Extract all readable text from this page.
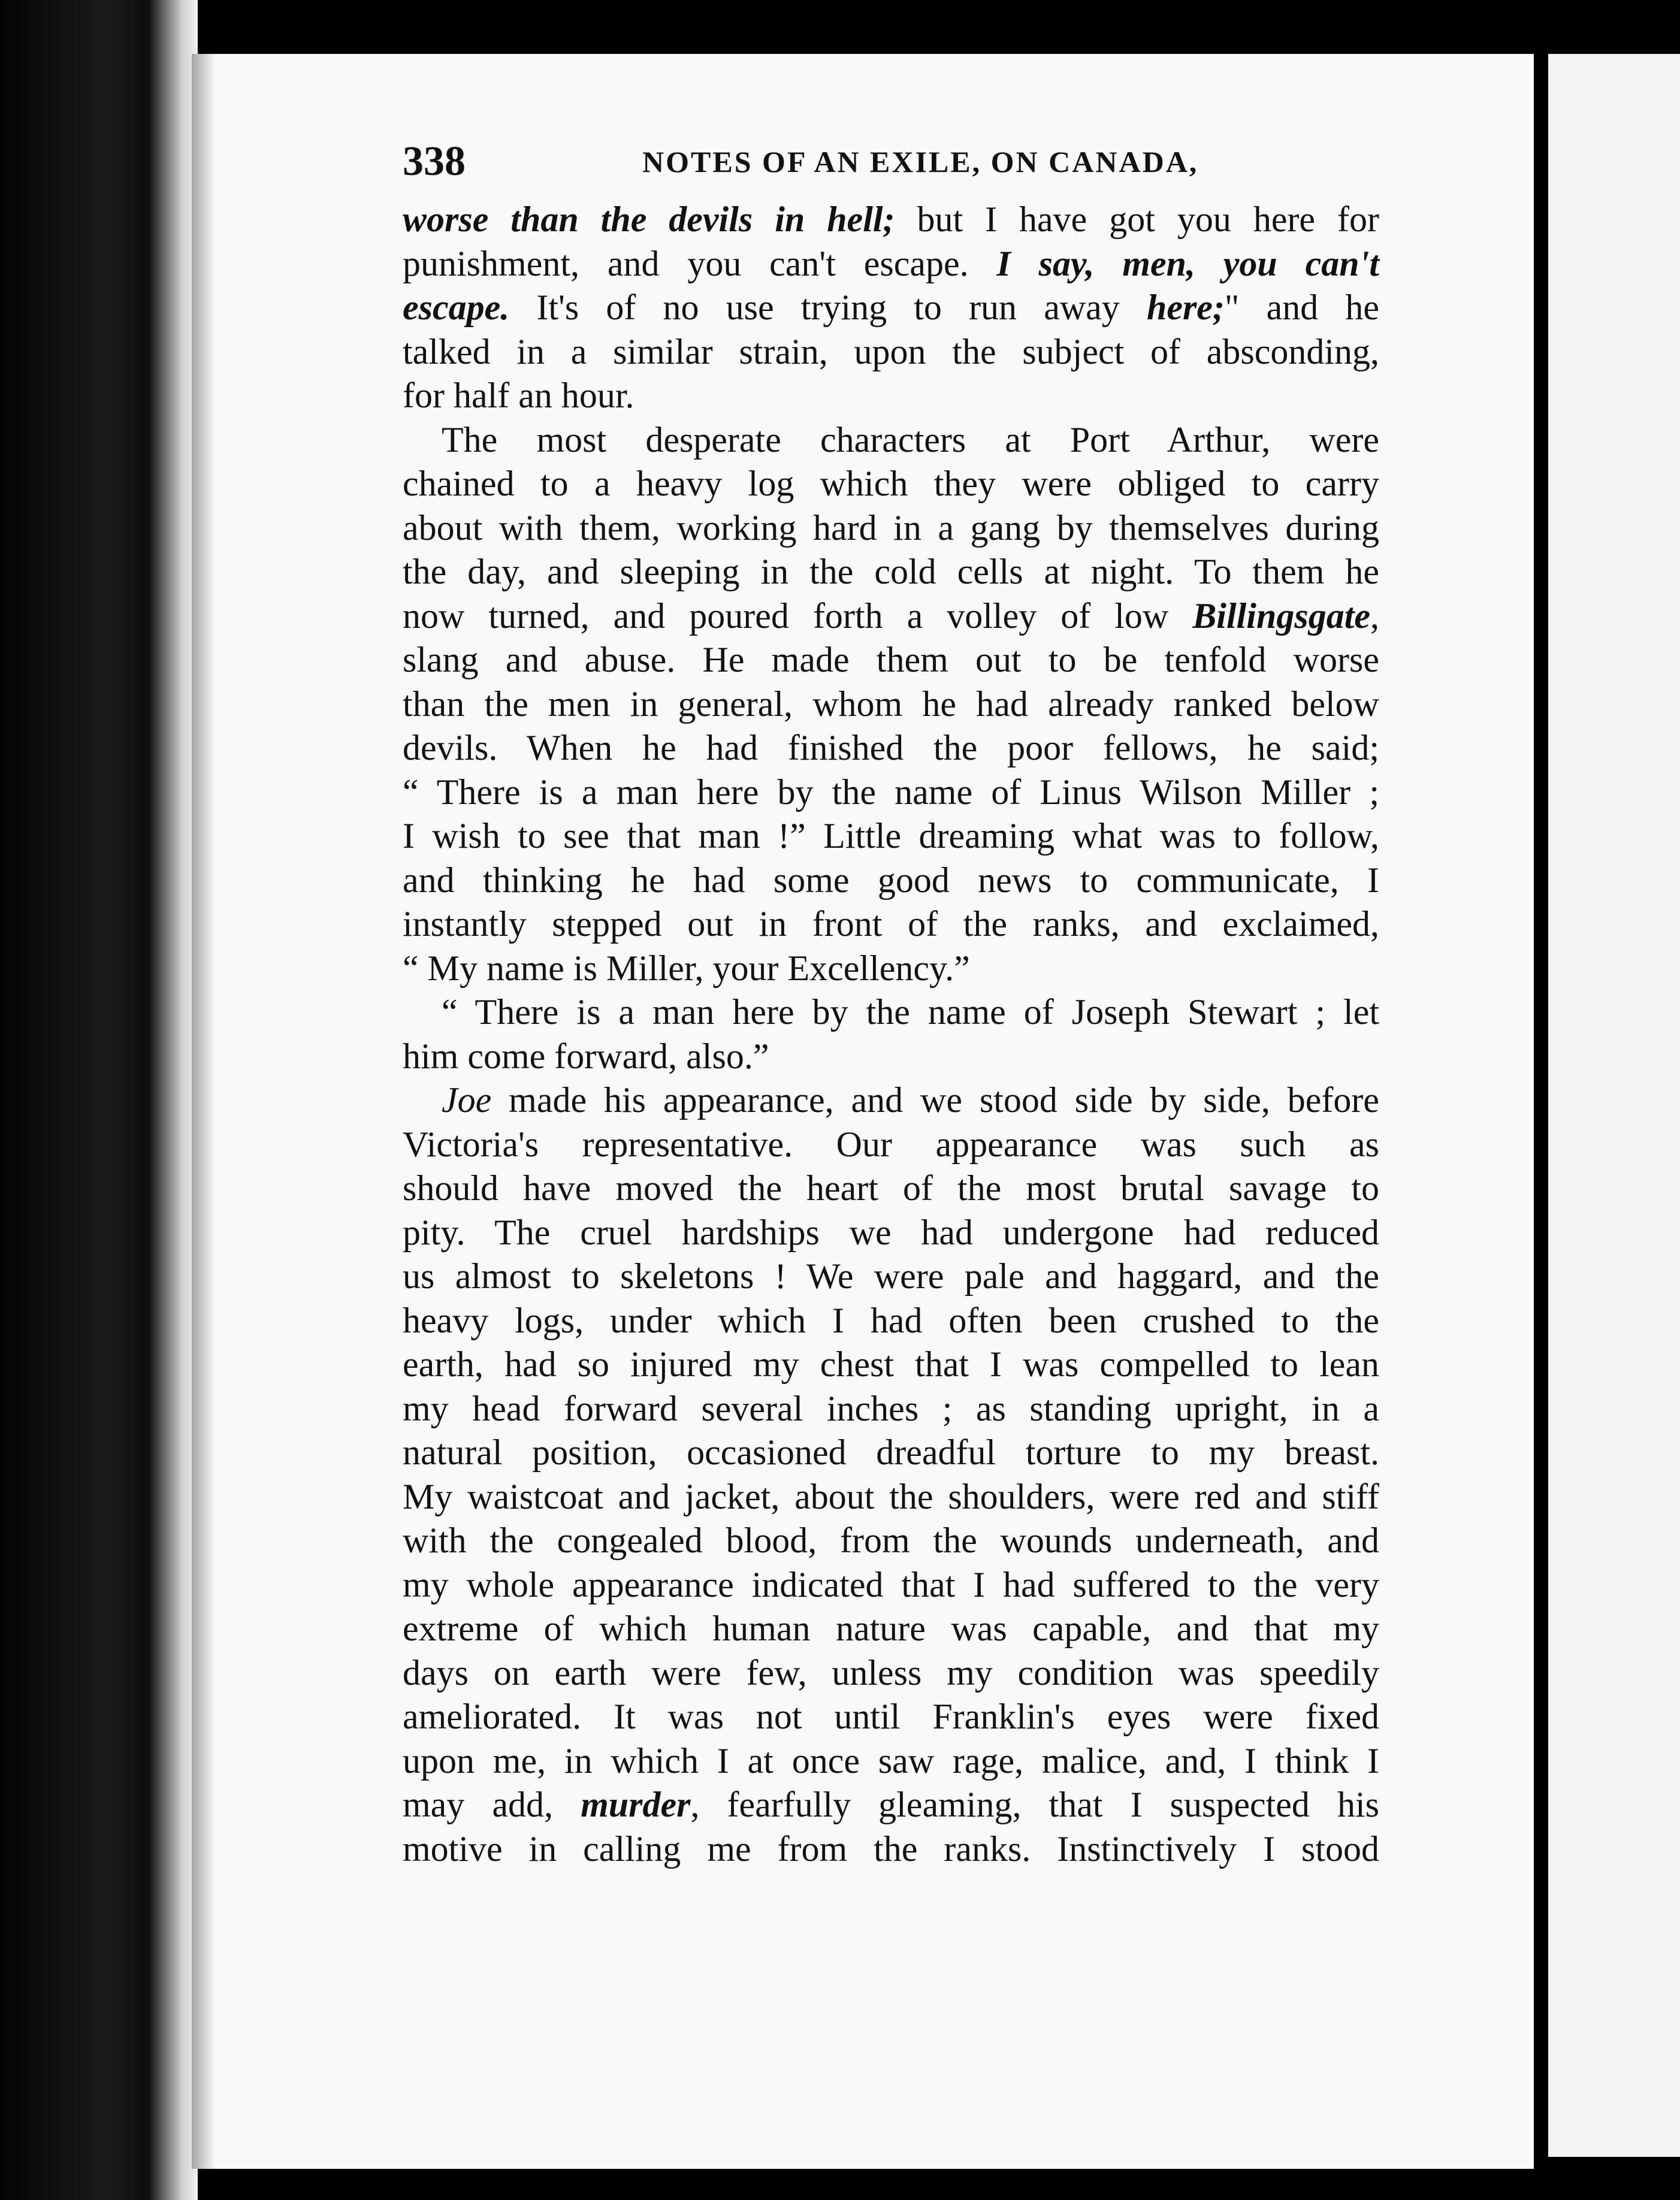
338	NOTES OF AN EXILE, ON CANADA,

worse than the devils in hell; but I have got you here for
punishment, and you can't escape. I say, men, you can't
escape. It's of no use trying to run away here;" and he
talked in a similar strain, upon the subject of absconding,
for half an hour.

The most desperate characters at Port Arthur, were
chained to a heavy log which they were obliged to carry
about with them, working hard in a gang by themselves during
the day, and sleeping in the cold cells at night. To them he
now turned, and poured forth a volley of low Billingsgate,
slang and abuse. He made them out to be tenfold worse
than the men in general, whom he had already ranked below
devils. When he had finished the poor fellows, he said;
“ There is a man here by the name of Linus Wilson Miller ;
I wish to see that man !” Little dreaming what was to follow,
and thinking he had some good news to communicate, I
instantly stepped out in front of the ranks, and exclaimed,
“ My name is Miller, your Excellency.”

“ There is a man here by the name of Joseph Stewart ; let
him come forward, also.”

Joe made his appearance, and we stood side by side, before
Victoria's representative. Our appearance was such as
should have moved the heart of the most brutal savage to
pity. The cruel hardships we had undergone had reduced
us almost to skeletons ! We were pale and haggard, and the
heavy logs, under which I had often been crushed to the
earth, had so injured my chest that I was compelled to lean
my head forward several inches ; as standing upright, in a
natural position, occasioned dreadful torture to my breast.
My waistcoat and jacket, about the shoulders, were red and stiff
with the congealed blood, from the wounds underneath, and
my whole appearance indicated that I had suffered to the very
extreme of which human nature was capable, and that my
days on earth were few, unless my condition was speedily
ameliorated. It was not until Franklin's eyes were fixed
upon me, in which I at once saw rage, malice, and, I think I
may add, murder, fearfully gleaming, that I suspected his
motive in calling me from the ranks. Instinctively I stood
